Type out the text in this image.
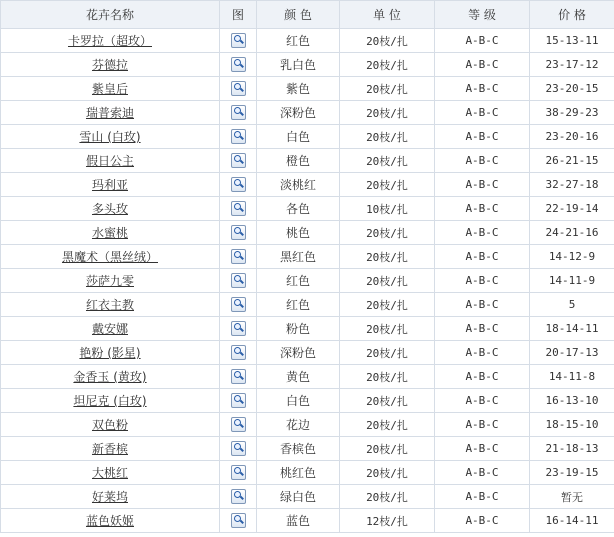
花卉名称	图	颜 色	单 位	等 级	价 格
卡罗拉（超玫）		红色	20枝/扎	A-B-C	15-13-11
芬德拉		乳白色	20枝/扎	A-B-C	23-17-12
紫皇后		紫色	20枝/扎	A-B-C	23-20-15
瑞普索迪		深粉色	20枝/扎	A-B-C	38-29-23
雪山 (白玫)		白色	20枝/扎	A-B-C	23-20-16
假日公主		橙色	20枝/扎	A-B-C	26-21-15
玛利亚		淡桃红	20枝/扎	A-B-C	32-27-18
多头玫		各色	10枝/扎	A-B-C	22-19-14
水蜜桃		桃色	20枝/扎	A-B-C	24-21-16
黑魔术（黑丝绒）		黑红色	20枝/扎	A-B-C	14-12-9
莎萨九零		红色	20枝/扎	A-B-C	14-11-9
红衣主教		红色	20枝/扎	A-B-C	5
戴安娜		粉色	20枝/扎	A-B-C	18-14-11
艳粉 (影星)		深粉色	20枝/扎	A-B-C	20-17-13
金香玉 (黄玫)		黄色	20枝/扎	A-B-C	14-11-8
坦尼克 (白玫)		白色	20枝/扎	A-B-C	16-13-10
双色粉		花边	20枝/扎	A-B-C	18-15-10
新香槟		香槟色	20枝/扎	A-B-C	21-18-13
大桃红		桃红色	20枝/扎	A-B-C	23-19-15
好莱坞		绿白色	20枝/扎	A-B-C	暂无
蓝色妖姬		蓝色	12枝/扎	A-B-C	16-14-11
